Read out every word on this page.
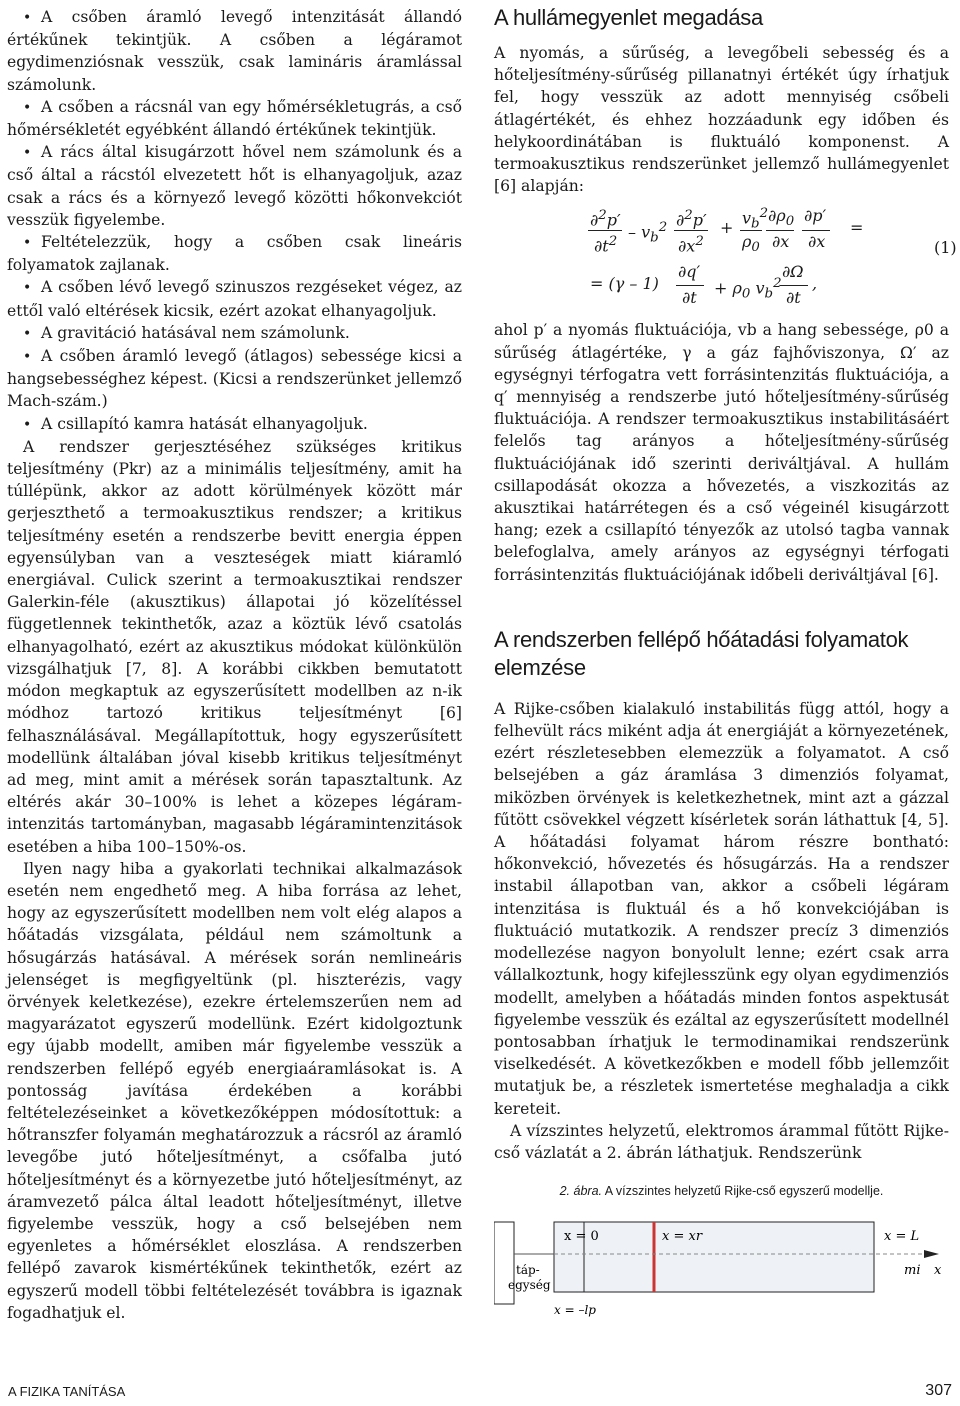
• A csőben áramló levegő intenzitását állandó értékűnek tekintjük. A csőben a légáramot egydimenziósnak vesszük, csak lamináris áramlással számolunk.

• A csőben a rácsnál van egy hőmérsékletugrás, a cső hőmérsékletét egyébként állandó értékűnek tekintjük.

• A rács által kisugárzott hővel nem számolunk és a cső által a rácstól elvezetett hőt is elhanyagoljuk, azaz csak a rács és a környező levegő közötti hőkonvekciót vesszük figyelembe.

• Feltételezzük, hogy a csőben csak lineáris folyamatok zajlanak.

• A csőben lévő levegő szinuszos rezgéseket végez, az ettől való eltérések kicsik, ezért azokat elhanyagoljuk.

• A gravitáció hatásával nem számolunk.

• A csőben áramló levegő (átlagos) sebessége kicsi a hangsebességhez képest. (Kicsi a rendszerünket jellemző Mach-szám.)

• A csillapító kamra hatását elhanyagoljuk.

A rendszer gerjesztéséhez szükséges kritikus teljesítmény (Pkr) az a minimális teljesítmény, amit ha túllépünk, akkor az adott körülmények között már gerjeszthető a termoakusztikus rendszer; a kritikus teljesítmény esetén a rendszerbe bevitt energia éppen egyensúlyban van a veszteségek miatt kiáramló energiával. Culick szerint a termoakusztikai rendszer Galerkin-féle (akusztikus) állapotai jó közelítéssel függetlennek tekinthetők, azaz a köztük lévő csatolás elhanyagolható, ezért az akusztikus módokat különkülön vizsgálhatjuk [7, 8]. A korábbi cikkben bemutatott módon megkaptuk az egyszerűsített modellben az n-ik módhoz tartozó kritikus teljesítményt [6] felhasználásával. Megállapítottuk, hogy egyszerűsített modellünk általában jóval kisebb kritikus teljesítményt ad meg, mint amit a mérések során tapasztaltunk. Az eltérés akár 30–100% is lehet a közepes légáram-intenzitás tartományban, magasabb légáramintenzitások esetében a hiba 100–150%-os.

Ilyen nagy hiba a gyakorlati technikai alkalmazások esetén nem engedhető meg. A hiba forrása az lehet, hogy az egyszerűsített modellben nem volt elég alapos a hőátadás vizsgálata, például nem számoltunk a hősugárzás hatásával. A mérések során nemlineáris jelenséget is megfigyeltünk (pl. hiszterézis, vagy örvények keletkezése), ezekre értelemszerűen nem ad magyarázatot egyszerű modellünk. Ezért kidolgoztunk egy újabb modellt, amiben már figyelembe vesszük a rendszerben fellépő egyéb energiaáramlásokat is. A pontosság javítása érdekében a korábbi feltételezéseinket a következőképpen módosítottuk: a hőtranszfer folyamán meghatározzuk a rácsról az áramló levegőbe jutó hőteljesítményt, a csőfalba jutó hőteljesítményt és a környezetbe jutó hőteljesítményt, az áramvezető pálca által leadott hőteljesítményt, illetve figyelembe vesszük, hogy a cső belsejében nem egyenletes a hőmérséklet eloszlása. A rendszerben fellépő zavarok kismértékűnek tekinthetők, ezért az egyszerű modell többi feltételezését továbbra is igaznak fogadhatjuk el.

A hullámegyenlet megadása

A nyomás, a sűrűség, a levegőbeli sebesség és a hőteljesítmény-sűrűség pillanatnyi értékét úgy írhatjuk fel, hogy vesszük az adott mennyiség csőbeli átlagértékét, és ehhez hozzáadunk egy időben és helykoordinátában is fluktuáló komponenst. A termoakusztikus rendszerünket jellemző hullámegyenlet [6] alapján:

∂$^2$p′
$\partial t^2$
– $v_b^2$ ∂$^2$p′
$\partial x^2$
+
$v_b^2$
$\rho_0$
$\partial\rho_0$
∂x
∂p′
∂x
=
(1)
= (γ – 1)
∂q′
∂t
+ $\rho_0$ $v_b^2$
∂Ω
∂t
,

ahol p′ a nyomás fluktuációja, vb a hang sebessége, ρ0 a sűrűség átlagértéke, γ a gáz fajhőviszonya, Ω′ az egységnyi térfogatra vett forrásintenzitás fluktuációja, a q′ mennyiség a rendszerbe jutó hőteljesítmény-sűrűség fluktuációja. A rendszer termoakusztikus instabilitásáért felelős tag arányos a hőteljesítmény-sűrűség fluktuációjának idő szerinti deriváltjával. A hullám csillapodását okozza a hővezetés, a viszkozitás az akusztikai határrétegen és a cső végeinél kisugárzott hang; ezek a csillapító tényezők az utolsó tagba vannak belefoglalva, amely arányos az egységnyi térfogati forrásintenzitás fluktuációjának időbeli deriváltjával [6].

A rendszerben fellépő hőátadási folyamatok elemzése

A Rijke-csőben kialakuló instabilitás függ attól, hogy a felhevült rács miként adja át energiáját a környezetének, ezért részletesebben elemezzük a folyamatot. A cső belsejében a gáz áramlása 3 dimenziós folyamat, miközben örvények is keletkezhetnek, mint azt a gázzal fűtött csövekkel végzett kísérletek során láthattuk [4, 5]. A hőátadási folyamat három részre bontható: hőkonvekció, hővezetés és hősugárzás. Ha a rendszer instabil állapotban van, akkor a csőbeli légáram intenzitása is fluktuál és a hő konvekciójában is fluktuáció mutatkozik. A rendszer precíz 3 dimenziós modellezése nagyon bonyolult lenne; ezért csak arra vállalkoztunk, hogy kifejlesszünk egy olyan egydimenziós modellt, amelyben a hőátadás minden fontos aspektusát figyelembe vesszük és ezáltal az egyszerűsített modellnél pontosabban írhatjuk le termodinamikai rendszerünk viselkedését. A következőkben e modell főbb jellemzőit mutatjuk be, a részletek ismertetése meghaladja a cikk kereteit.

A vízszintes helyzetű, elektromos árammal fűtött Rijke-cső vázlatát a 2. ábrán láthatjuk. Rendszerünk

2. ábra. A vízszintes helyzetű Rijke-cső egyszerű modellje.
x = 0	x = xr	x = L
táp-
egység
mi x
x = –lp
A FIZIKA TANÍTÁSA	307
